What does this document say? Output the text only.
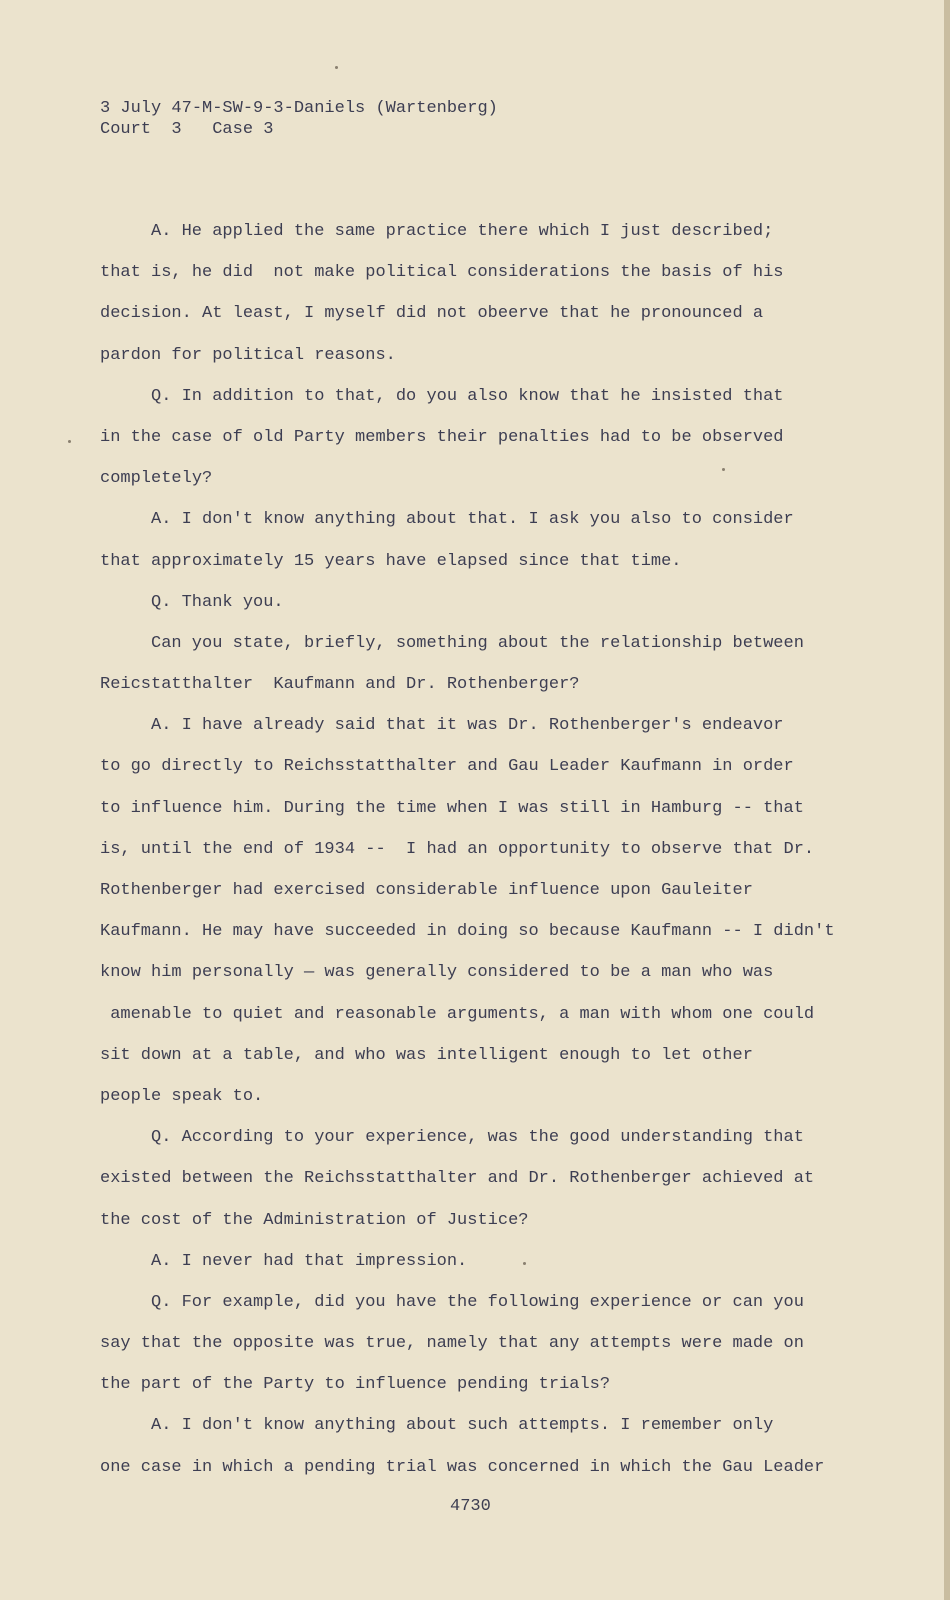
3 July 47-M-SW-9-3-Daniels (Wartenberg)
Court  3   Case 3
A. He applied the same practice there which I just described;
that is, he did  not make political considerations the basis of his
decision. At least, I myself did not obeerve that he pronounced a
pardon for political reasons.
Q. In addition to that, do you also know that he insisted that
in the case of old Party members their penalties had to be observed
completely?
A. I don't know anything about that. I ask you also to consider
that approximately 15 years have elapsed since that time.
Q. Thank you.
Can you state, briefly, something about the relationship between
Reicstatthalter  Kaufmann and Dr. Rothenberger?
A. I have already said that it was Dr. Rothenberger's endeavor
to go directly to Reichsstatthalter and Gau Leader Kaufmann in order
to influence him. During the time when I was still in Hamburg -- that
is, until the end of 1934 --  I had an opportunity to observe that Dr.
Rothenberger had exercised considerable influence upon Gauleiter
Kaufmann. He may have succeeded in doing so because Kaufmann -- I didn't
know him personally — was generally considered to be a man who was
amenable to quiet and reasonable arguments, a man with whom one could
sit down at a table, and who was intelligent enough to let other
people speak to.
Q. According to your experience, was the good understanding that
existed between the Reichsstatthalter and Dr. Rothenberger achieved at
the cost of the Administration of Justice?
A. I never had that impression.
Q. For example, did you have the following experience or can you
say that the opposite was true, namely that any attempts were made on
the part of the Party to influence pending trials?
A. I don't know anything about such attempts. I remember only
one case in which a pending trial was concerned in which the Gau Leader
4730
